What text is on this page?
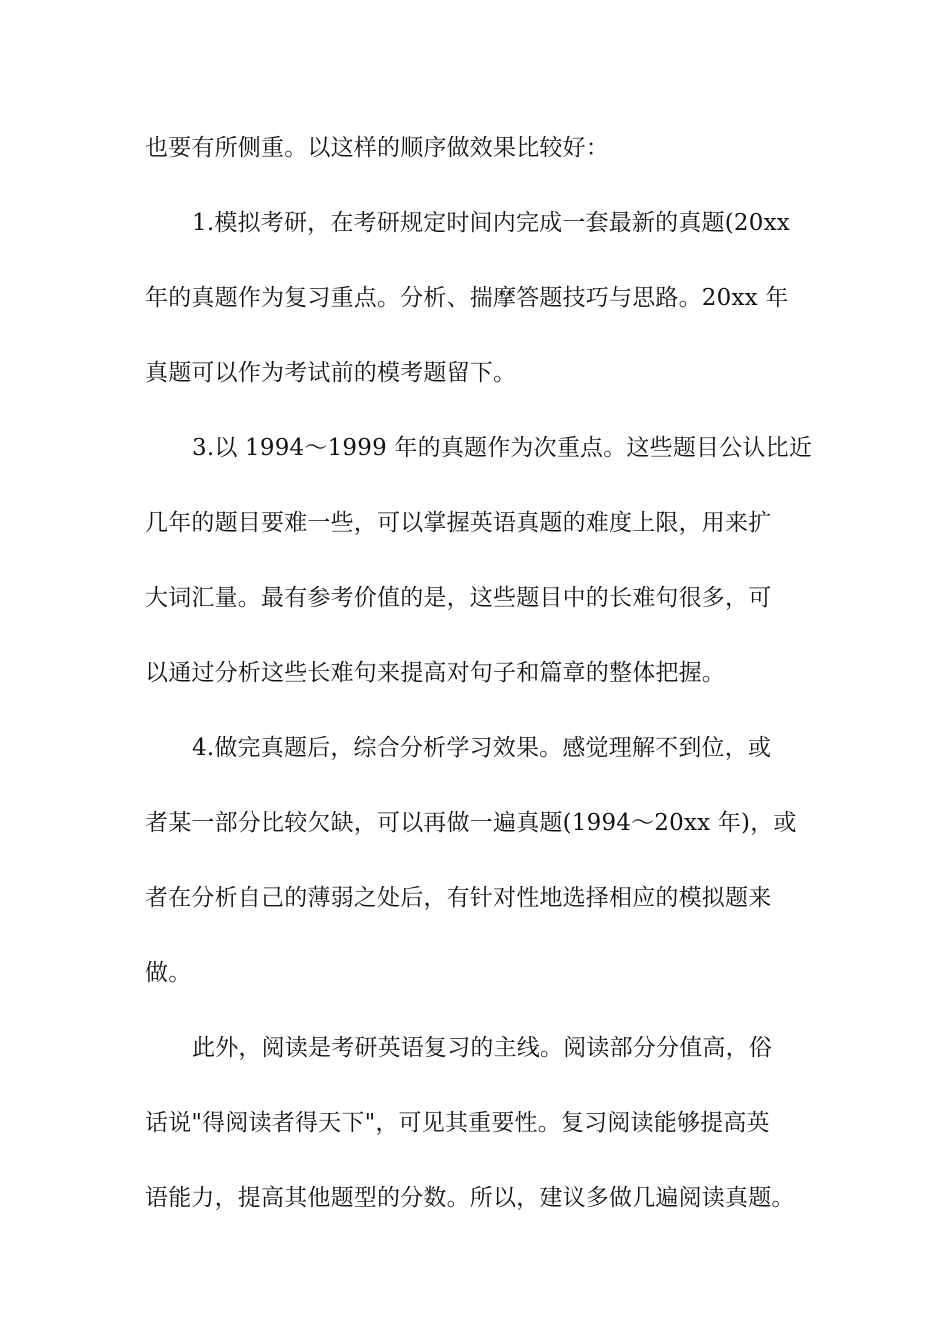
也要有所侧重。以这样的顺序做效果比较好：
1.模拟考研，在考研规定时间内完成一套最新的真题(20xx
年的真题作为复习重点。分析、揣摩答题技巧与思路。20xx 年
真题可以作为考试前的模考题留下。
3.以 1994～1999 年的真题作为次重点。这些题目公认比近
几年的题目要难一些，可以掌握英语真题的难度上限，用来扩
大词汇量。最有参考价值的是，这些题目中的长难句很多，可
以通过分析这些长难句来提高对句子和篇章的整体把握。
4.做完真题后，综合分析学习效果。感觉理解不到位，或
者某一部分比较欠缺，可以再做一遍真题(1994～20xx 年)，或
者在分析自己的薄弱之处后，有针对性地选择相应的模拟题来
做。
此外，阅读是考研英语复习的主线。阅读部分分值高，俗
话说"得阅读者得天下"，可见其重要性。复习阅读能够提高英
语能力，提高其他题型的分数。所以，建议多做几遍阅读真题。
